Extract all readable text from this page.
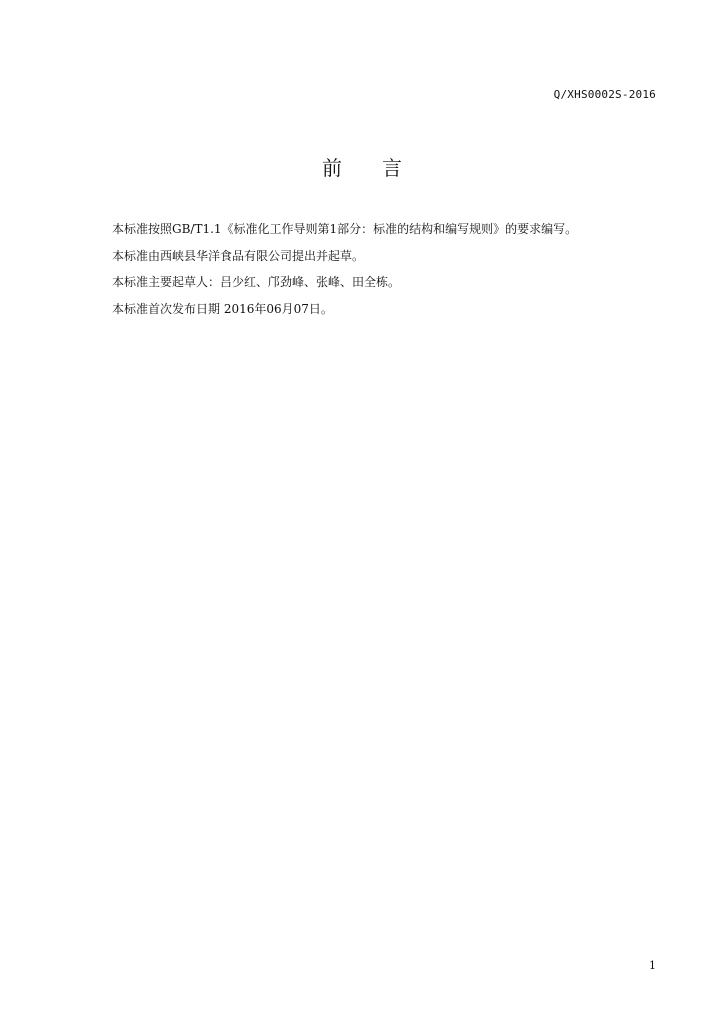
Q/XHS0002S-2016
前言

本标准按照GB/T1.1《标准化工作导则第1部分：标准的结构和编写规则》的要求编写。

本标准由西峡县华洋食品有限公司提出并起草。

本标准主要起草人：吕少红、邝劲峰、张峰、田全栋。

本标准首次发布日期 2016年06月07日。

1
